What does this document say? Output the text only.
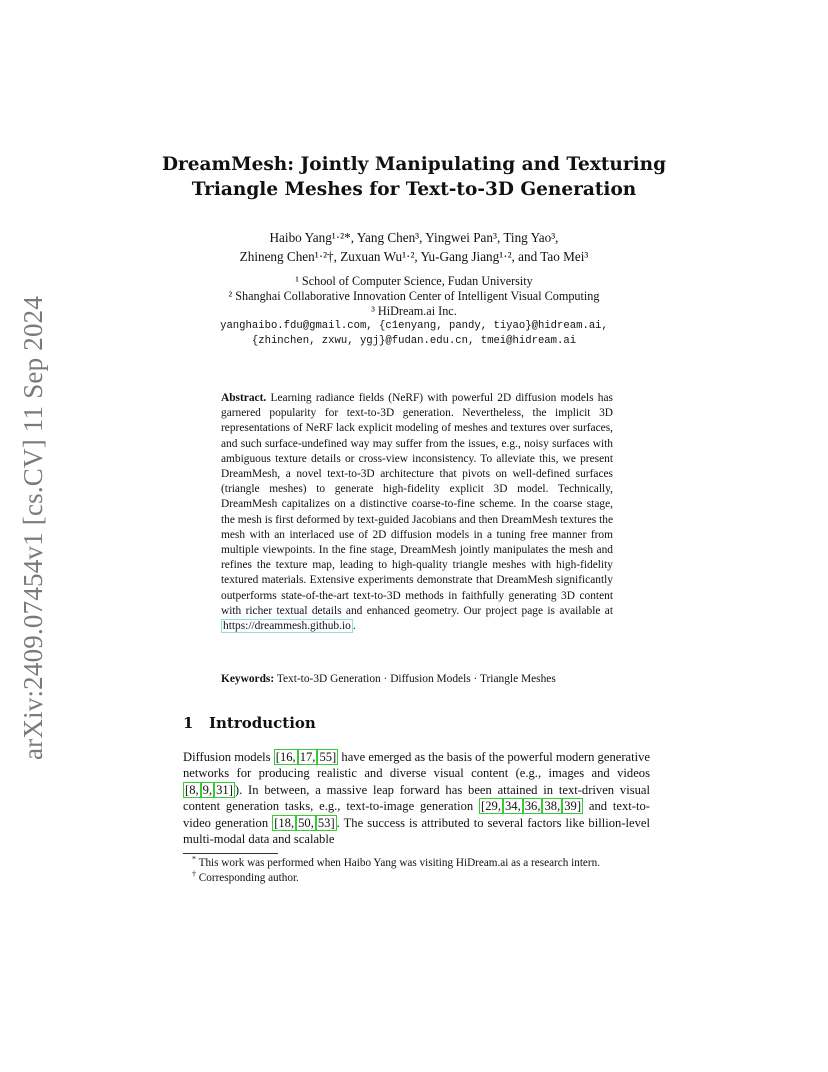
arXiv:2409.07454v1 [cs.CV] 11 Sep 2024
DreamMesh: Jointly Manipulating and Texturing
Triangle Meshes for Text-to-3D Generation
Haibo Yang¹·²*, Yang Chen³, Yingwei Pan³, Ting Yao³,
Zhineng Chen¹·²†, Zuxuan Wu¹·², Yu-Gang Jiang¹·², and Tao Mei³
¹ School of Computer Science, Fudan University
² Shanghai Collaborative Innovation Center of Intelligent Visual Computing
³ HiDream.ai Inc.
yanghaibo.fdu@gmail.com, {c1enyang, pandy, tiyao}@hidream.ai,
{zhinchen, zxwu, ygj}@fudan.edu.cn, tmei@hidream.ai
Abstract. Learning radiance fields (NeRF) with powerful 2D diffusion models has garnered popularity for text-to-3D generation. Nevertheless, the implicit 3D representations of NeRF lack explicit modeling of meshes and textures over surfaces, and such surface-undefined way may suffer from the issues, e.g., noisy surfaces with ambiguous texture details or cross-view inconsistency. To alleviate this, we present DreamMesh, a novel text-to-3D architecture that pivots on well-defined surfaces (triangle meshes) to generate high-fidelity explicit 3D model. Technically, DreamMesh capitalizes on a distinctive coarse-to-fine scheme. In the coarse stage, the mesh is first deformed by text-guided Jacobians and then DreamMesh textures the mesh with an interlaced use of 2D diffusion models in a tuning free manner from multiple viewpoints. In the fine stage, DreamMesh jointly manipulates the mesh and refines the texture map, leading to high-quality triangle meshes with high-fidelity textured materials. Extensive experiments demonstrate that DreamMesh significantly outperforms state-of-the-art text-to-3D methods in faithfully generating 3D content with richer textual details and enhanced geometry. Our project page is available at https://dreammesh.github.io .
Keywords: Text-to-3D Generation · Diffusion Models · Triangle Meshes
1 Introduction
Diffusion models [16, 17, 55] have emerged as the basis of the powerful modern generative networks for producing realistic and diverse visual content (e.g., images and videos [8, 9, 31] ). In between, a massive leap forward has been attained in text-driven visual content generation tasks, e.g., text-to-image generation [29, 34, 36, 38, 39] and text-to-video generation [18, 50, 53] . The success is attributed to several factors like billion-level multi-modal data and scalable
* This work was performed when Haibo Yang was visiting HiDream.ai as a research intern.
† Corresponding author.
